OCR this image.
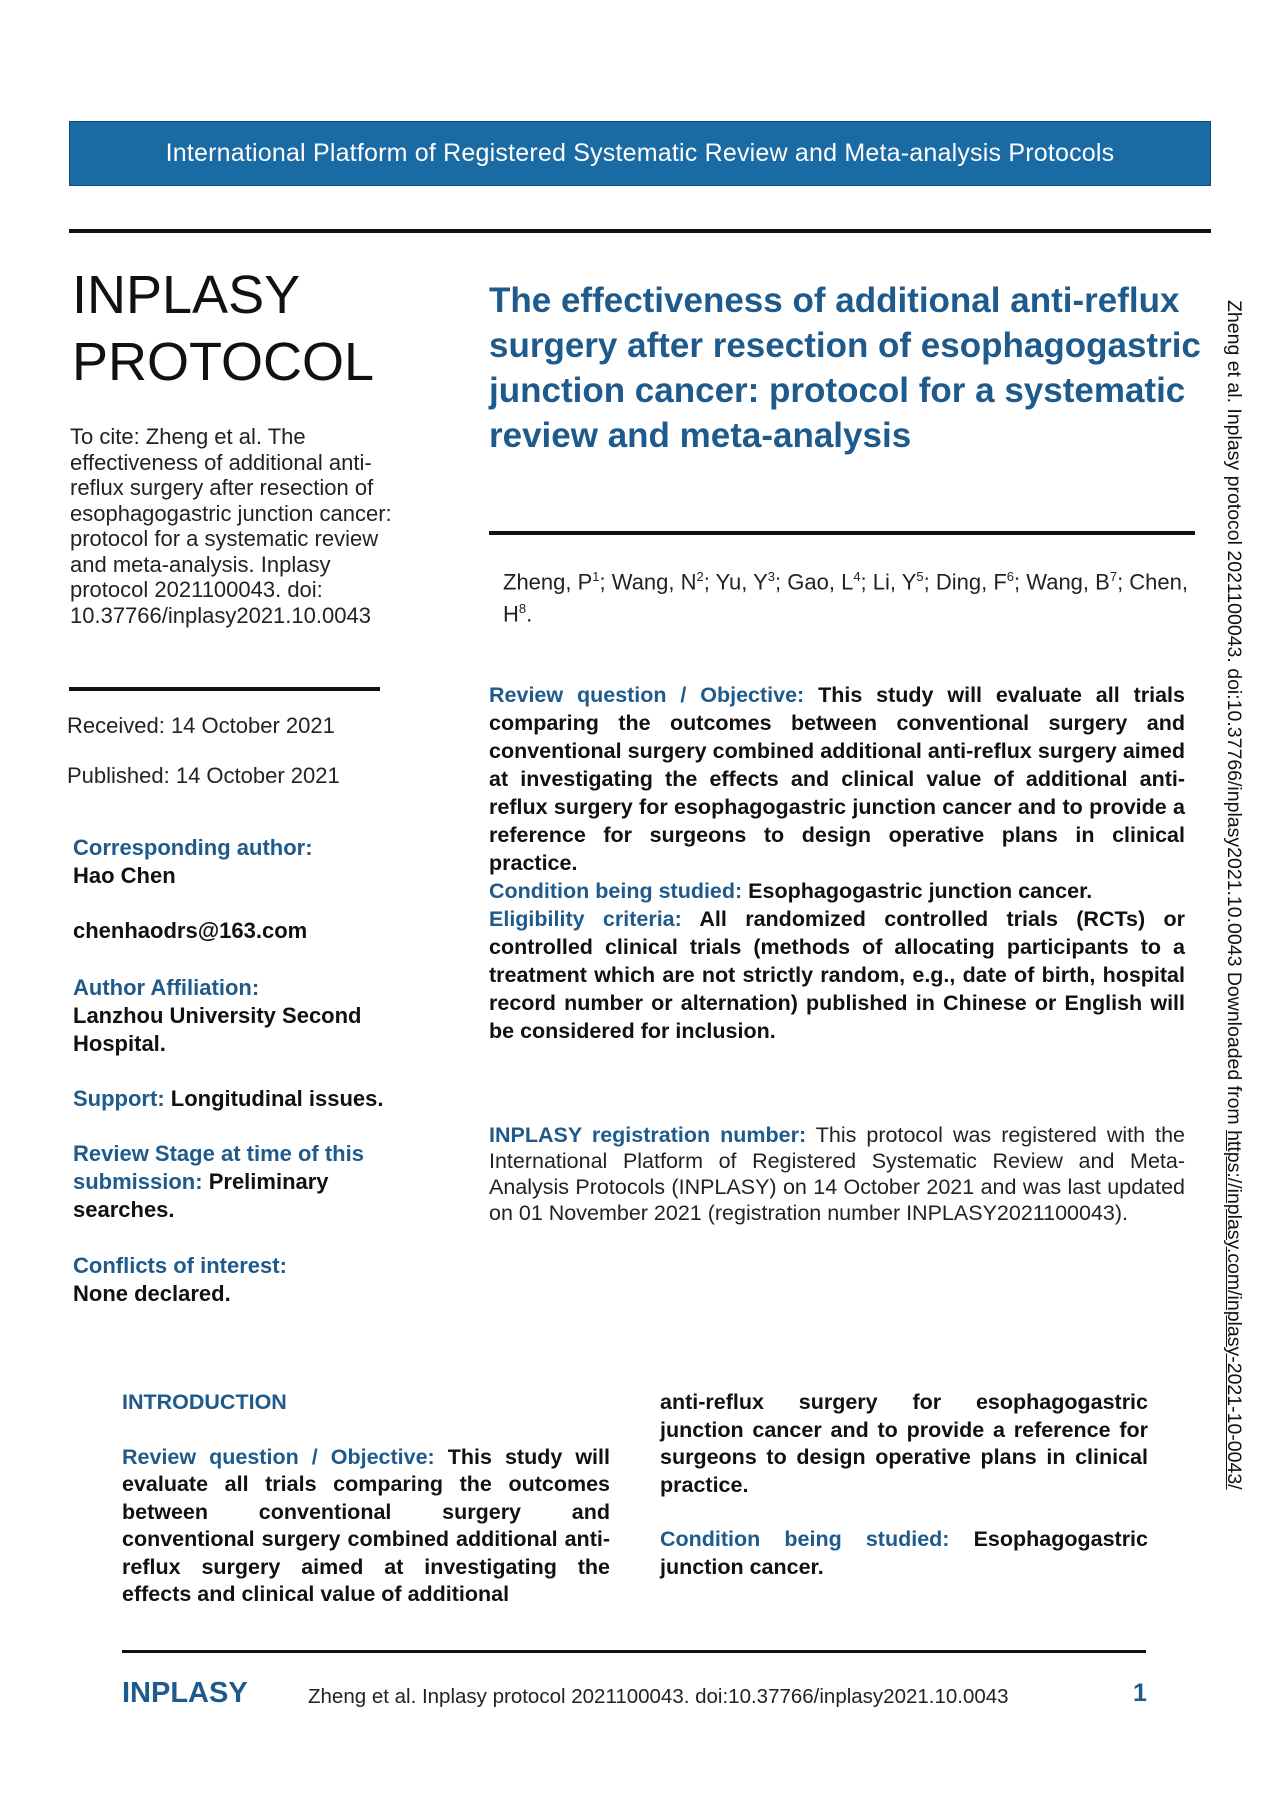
International Platform of Registered Systematic Review and Meta-analysis Protocols
INPLASY
PROTOCOL
To cite: Zheng et al. The effectiveness of additional anti-reflux surgery after resection of esophagogastric junction cancer: protocol for a systematic review and meta-analysis. Inplasy protocol 2021100043. doi: 10.37766/inplasy2021.10.0043
Received: 14 October 2021
Published: 14 October 2021
Corresponding author:
Hao Chen
chenhaodrs@163.com
Author Affiliation:
Lanzhou University Second Hospital.
Support: Longitudinal issues.
Review Stage at time of this submission: Preliminary searches.
Conflicts of interest:
None declared.
The effectiveness of additional anti-reflux surgery after resection of esophagogastric junction cancer: protocol for a systematic review and meta-analysis
Zheng, $P^1$; Wang, $N^2$; Yu, $Y^3$; Gao, $L^4$; Li, $Y^5$; Ding, $F^6$; Wang, $B^7$; Chen, $H^8$.

Review question / Objective: This study will evaluate all trials comparing the outcomes between conventional surgery and conventional surgery combined additional anti-reflux surgery aimed at investigating the effects and clinical value of additional anti-reflux surgery for esophagogastric junction cancer and to provide a reference for surgeons to design operative plans in clinical practice.

Condition being studied: Esophagogastric junction cancer.

Eligibility criteria: All randomized controlled trials (RCTs) or controlled clinical trials (methods of allocating participants to a treatment which are not strictly random, e.g., date of birth, hospital record number or alternation) published in Chinese or English will be considered for inclusion.

INPLASY registration number: This protocol was registered with the International Platform of Registered Systematic Review and Meta-Analysis Protocols (INPLASY) on 14 October 2021 and was last updated on 01 November 2021 (registration number INPLASY2021100043).

INTRODUCTION

Review question / Objective: This study will evaluate all trials comparing the outcomes between conventional surgery and conventional surgery combined additional anti-reflux surgery aimed at investigating the effects and clinical value of additional

anti-reflux surgery for esophagogastric junction cancer and to provide a reference for surgeons to design operative plans in clinical practice.

Condition being studied: Esophagogastric junction cancer.

Zheng et al. Inplasy protocol 2021100043. doi:10.37766/inplasy2021.10.0043 Downloaded from https://inplasy.com/inplasy-2021-10-0043/
INPLASY	Zheng et al. Inplasy protocol 2021100043. doi:10.37766/inplasy2021.10.0043	1
